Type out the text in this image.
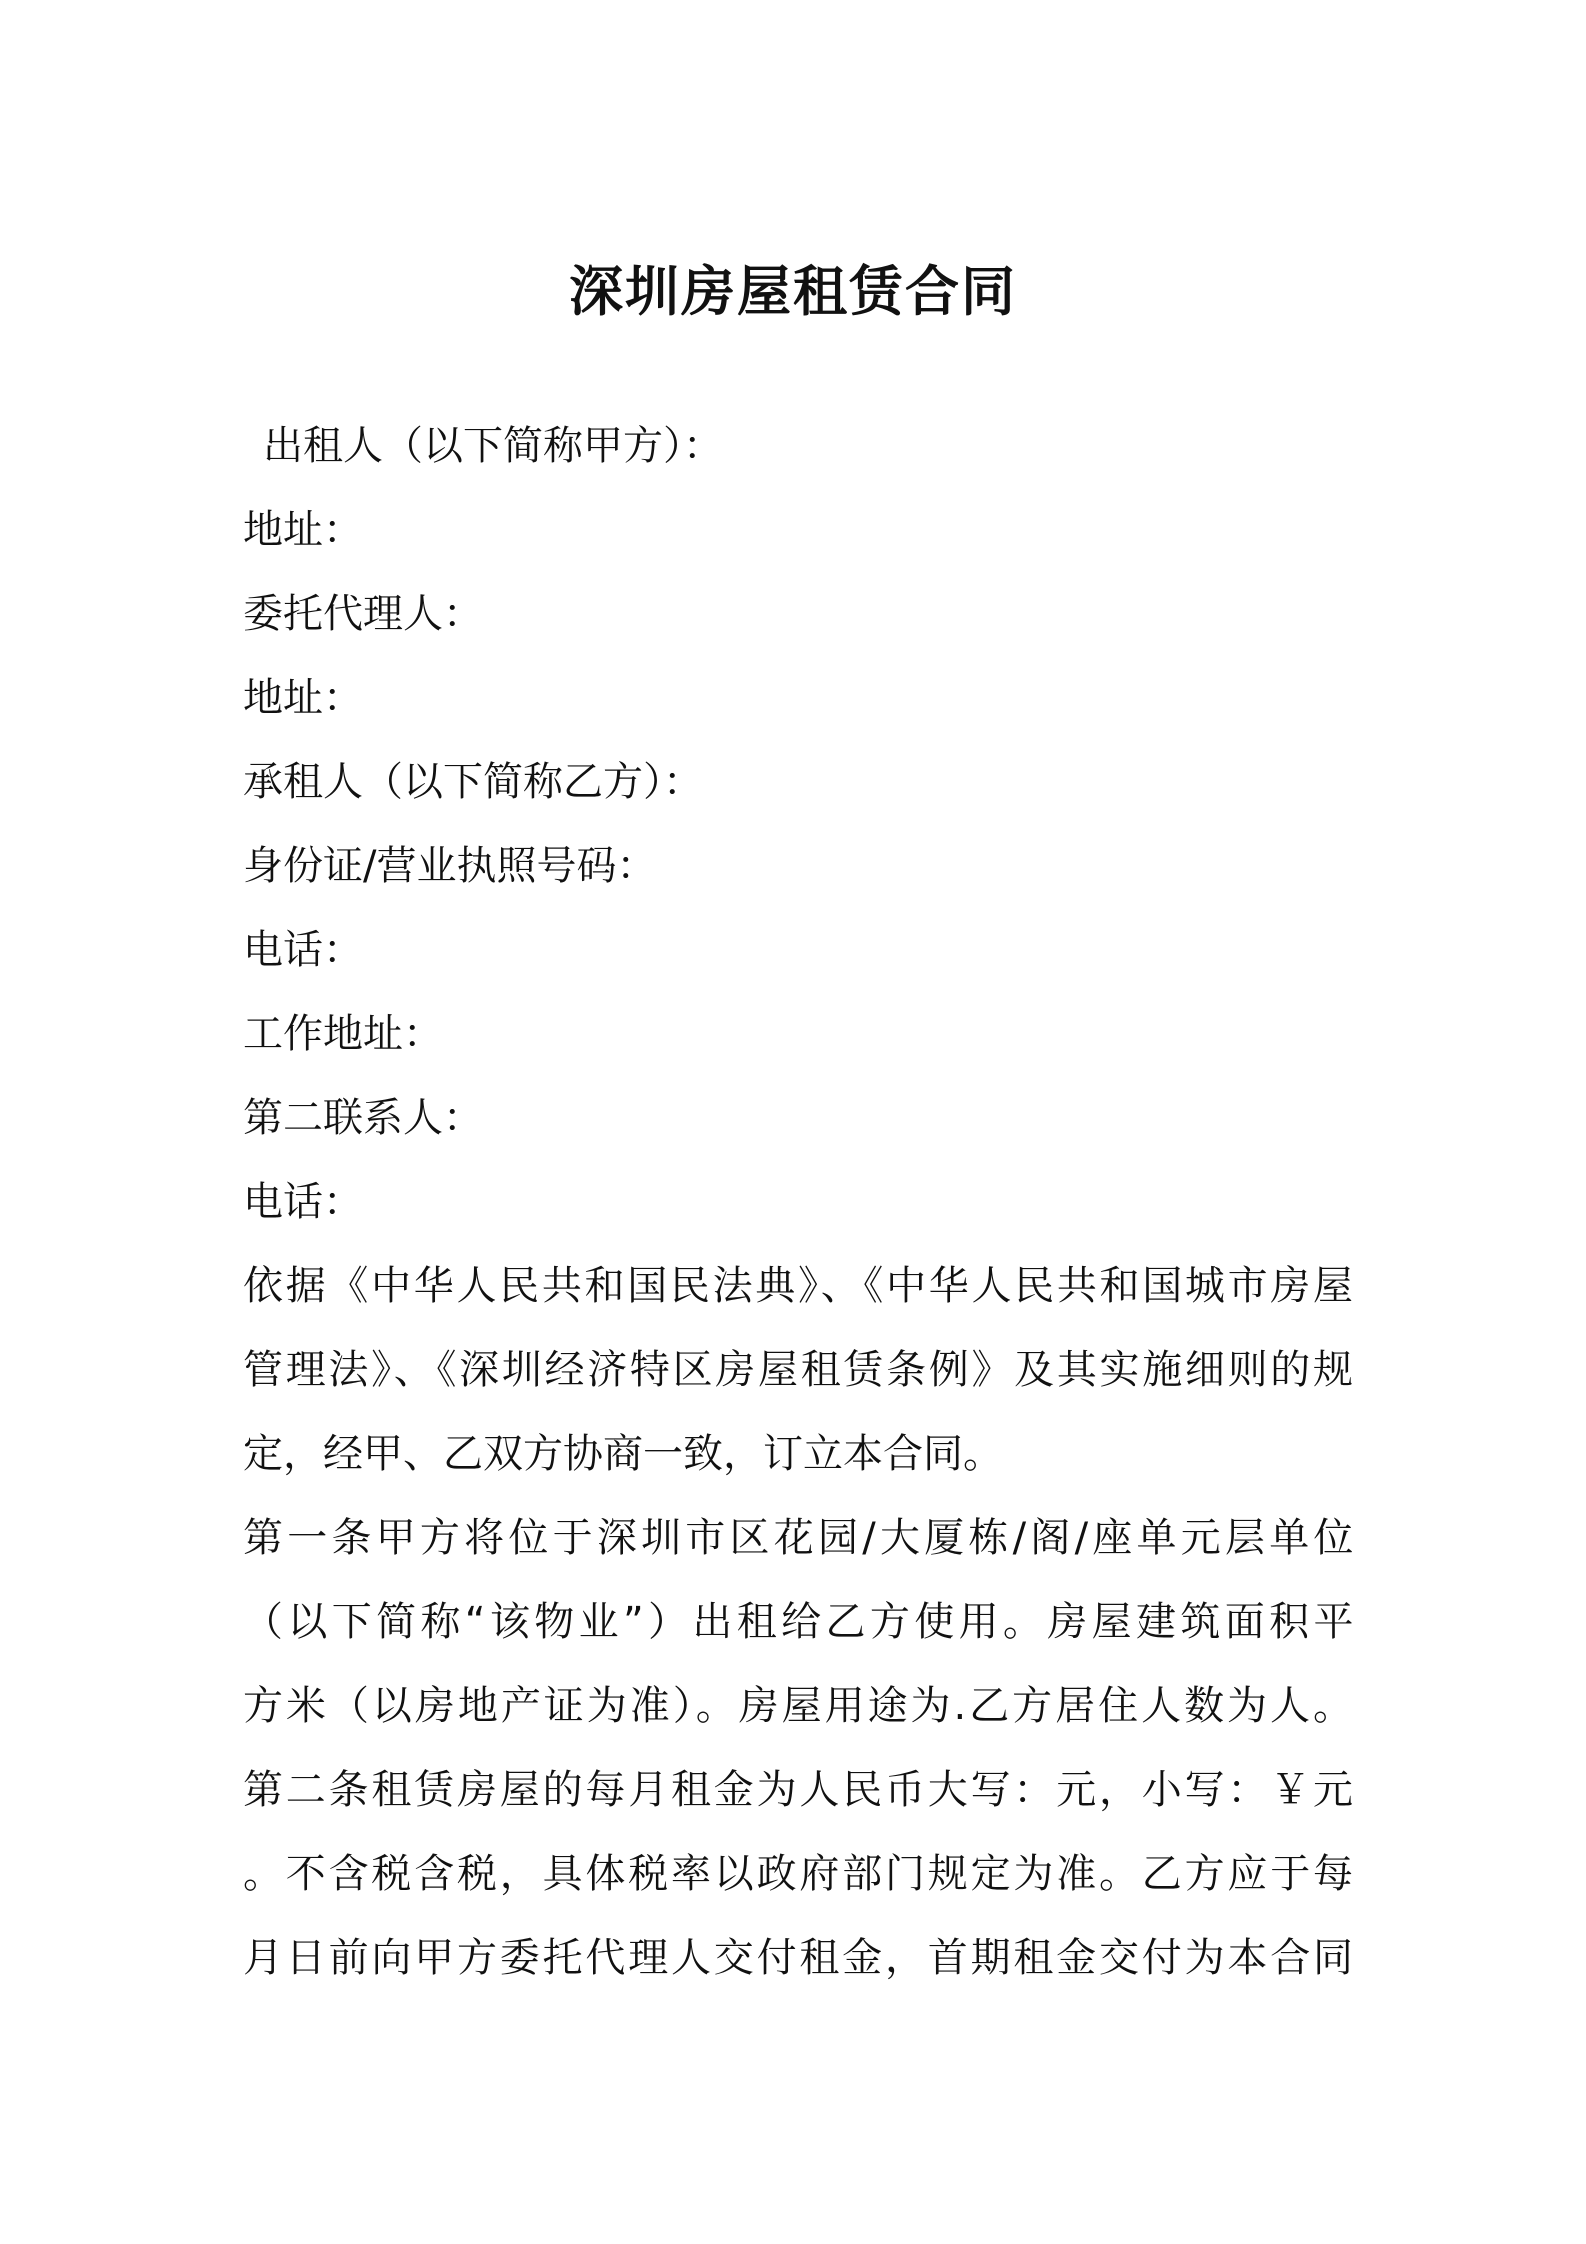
深圳房屋租赁合同
出租人（以下简称甲方）：
地址：
委托代理人：
地址：
承租人（以下简称乙方）：
身份证/营业执照号码：
电话：
工作地址：
第二联系人：
电话：
依据《中华人民共和国民法典》、《中华人民共和国城市房屋
管理法》、《深圳经济特区房屋租赁条例》及其实施细则的规
定，经甲、乙双方协商一致，订立本合同。
第一条甲方将位于深圳市区花园/大厦栋/阁/座单元层单位
（以下简称“该物业”）出租给乙方使用。房屋建筑面积平
方米（以房地产证为准）。房屋用途为.乙方居住人数为人。
第二条租赁房屋的每月租金为人民币大写：元，小写：￥元
。不含税含税，具体税率以政府部门规定为准。乙方应于每
月日前向甲方委托代理人交付租金，首期租金交付为本合同
